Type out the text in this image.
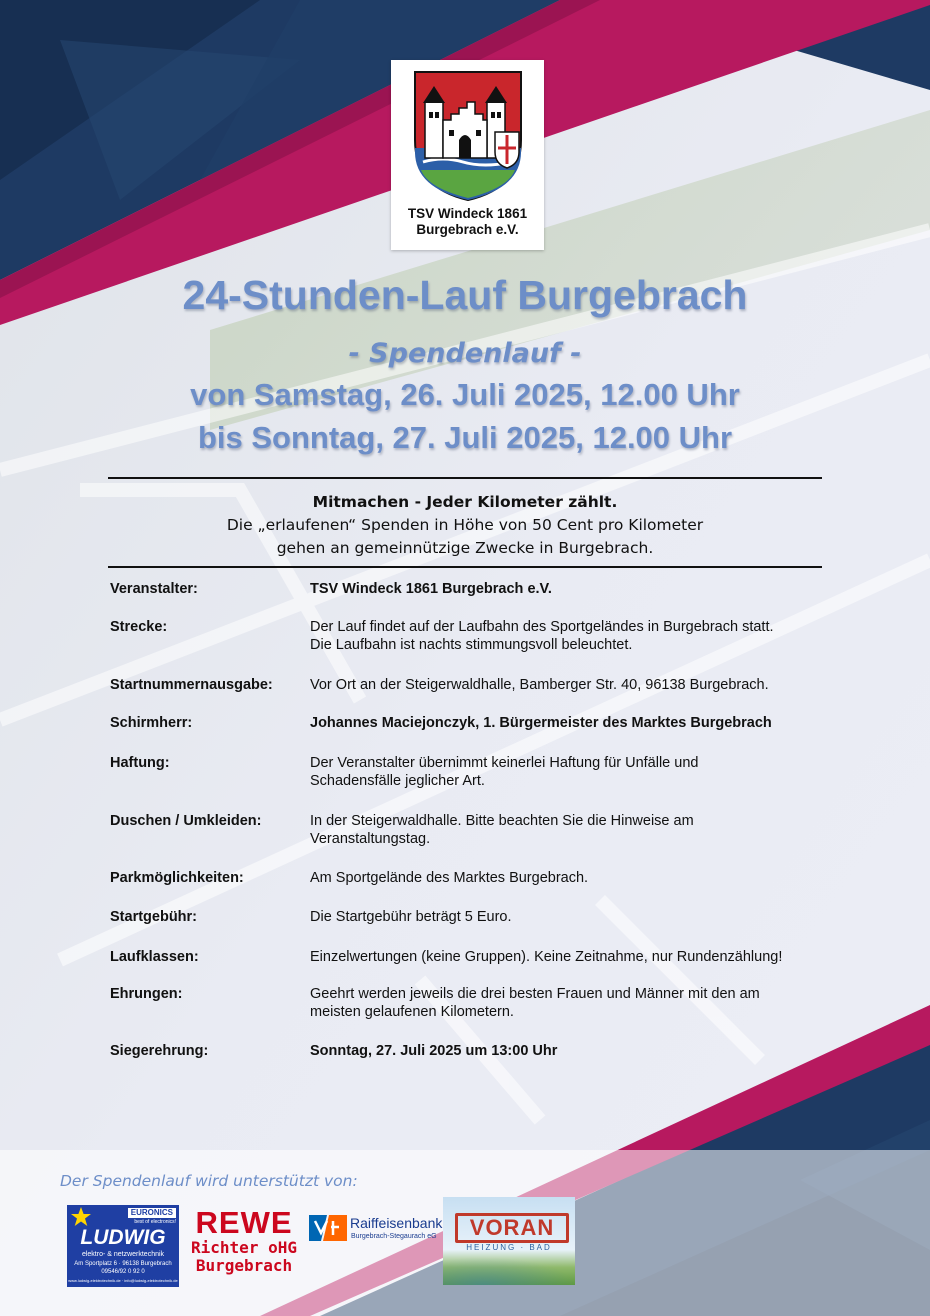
TSV Windeck 1861
Burgebrach e.V.
24-Stunden-Lauf Burgebrach
- Spendenlauf -
von Samstag, 26. Juli 2025, 12.00 Uhr
bis Sonntag, 27. Juli 2025, 12.00 Uhr
Mitmachen - Jeder Kilometer zählt.
Die „erlaufenen“ Spenden in Höhe von 50 Cent pro Kilometer
gehen an gemeinnützige Zwecke in Burgebrach.
Veranstalter:	TSV Windeck 1861 Burgebrach e.V.
Strecke:	Der Lauf findet auf der Laufbahn des Sportgeländes in Burgebrach statt.
Die Laufbahn ist nachts stimmungsvoll beleuchtet.
Startnummernausgabe:	Vor Ort an der Steigerwaldhalle, Bamberger Str. 40, 96138 Burgebrach.
Schirmherr:	Johannes Maciejonczyk, 1. Bürgermeister des Marktes Burgebrach
Haftung:	Der Veranstalter übernimmt keinerlei Haftung für Unfälle und
Schadensfälle jeglicher Art.
Duschen / Umkleiden:	In der Steigerwaldhalle. Bitte beachten Sie die Hinweise am
Veranstaltungstag.
Parkmöglichkeiten:	Am Sportgelände des Marktes Burgebrach.
Startgebühr:	Die Startgebühr beträgt 5 Euro.
Laufklassen:	Einzelwertungen (keine Gruppen). Keine Zeitnahme, nur Rundenzählung!
Ehrungen:	Geehrt werden jeweils die drei besten Frauen und Männer mit den am
meisten gelaufenen Kilometern.
Siegerehrung:	Sonntag, 27. Juli 2025 um 13:00 Uhr
Der Spendenlauf wird unterstützt von:
EURONICS
best of electronics!
LUDWIG
elektro- & netzwerktechnik
Am Sportplatz 6 · 96138 Burgebrach
09546/92 0 92 0
www.ludwig-elektrotechnik.de · info@ludwig-elektrotechnik.de
REWE
Richter oHG
Burgebrach
Raiffeisenbank
Burgebrach-Stegaurach eG	VORAN
HEIZUNG · BAD
